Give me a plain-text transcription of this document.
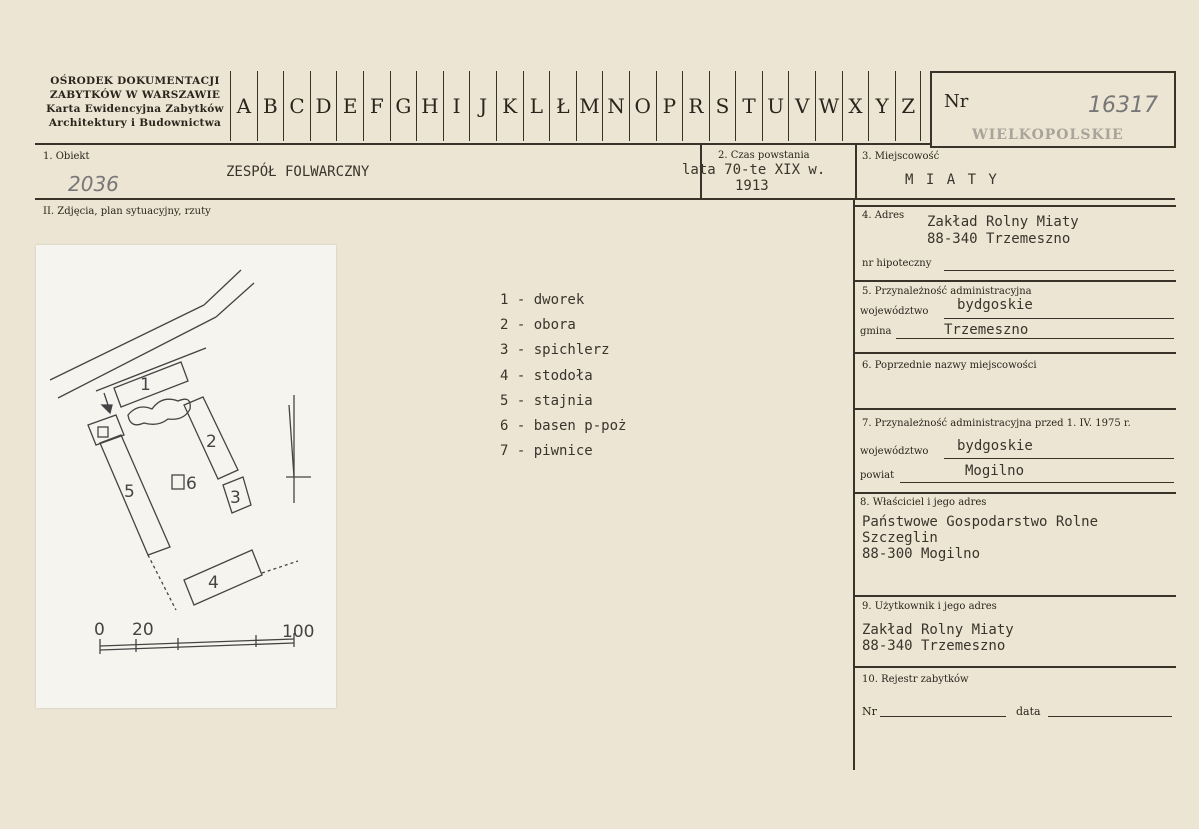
OŚRODEK DOKUMENTACJI
ZABYTKÓW W WARSZAWIE
Karta Ewidencyjna Zabytków
Architektury i Budownictwa
A B C D E F G H I J K L Ł M N O P R S T U V W X Y Z	Nr	16317
WIELKOPOLSKIE
1. Obiekt
2036	ZESPÓŁ FOLWARCZNY
2. Czas powstania
lata 70-te XIX w.
1913
3. Miejscowość
M I A T Y
II. Zdjęcia, plan sytuacyjny, rzuty
1
2
3
4
5	6
0 20	100
1 - dworek
2 - obora
3 - spichlerz
4 - stodoła
5 - stajnia
6 - basen p-poż
7 - piwnice
4. Adres Zakład Rolny Miaty
88-340 Trzemeszno
nr hipoteczny
5. Przynależność administracyjna
województwo bydgoskie
gmina	Trzemeszno
6. Poprzednie nazwy miejscowości
7. Przynależność administracyjna przed 1. IV. 1975 r.
województwo bydgoskie
powiat	Mogilno
8. Właściciel i jego adres
Państwowe Gospodarstwo Rolne
Szczeglin
88-300 Mogilno
9. Użytkownik i jego adres
Zakład Rolny Miaty
88-340 Trzemeszno
10. Rejestr zabytków
Nr	data
